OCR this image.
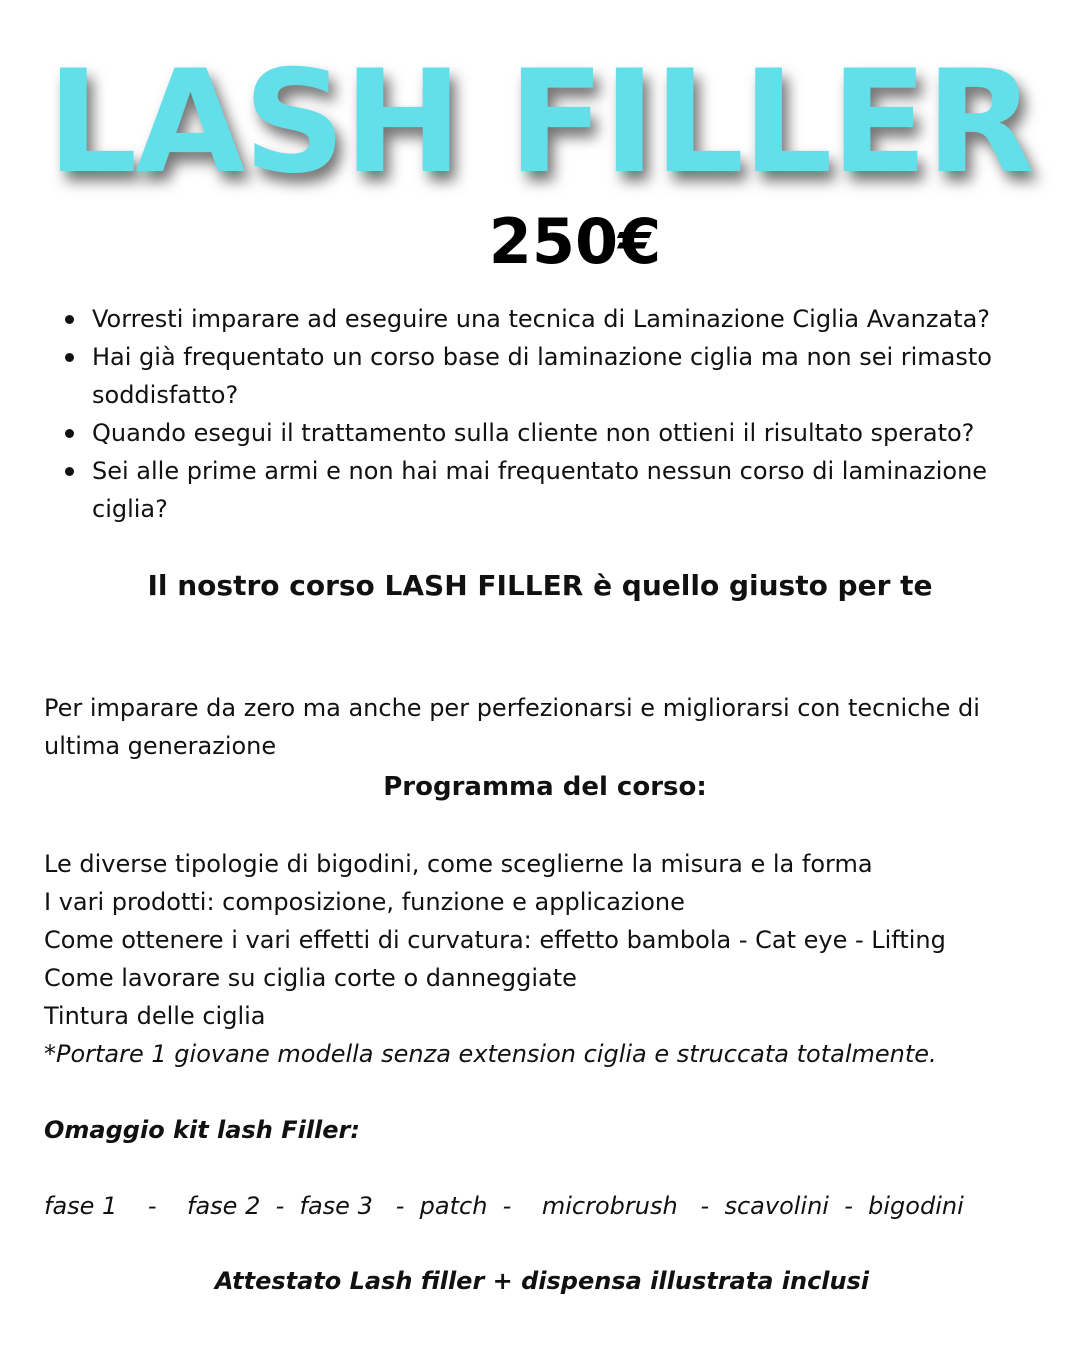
LASH FILLER
250€
Vorresti imparare ad eseguire una tecnica di Laminazione Ciglia Avanzata?
Hai già frequentato un corso base di laminazione ciglia ma non sei rimasto soddisfatto?
Quando esegui il trattamento sulla cliente non ottieni il risultato sperato?
Sei alle prime armi e non hai mai frequentato nessun corso di laminazione ciglia?
Il nostro corso LASH FILLER è quello giusto per te
Per imparare da zero ma anche per perfezionarsi e migliorarsi con tecniche di ultima generazione
Programma del corso:
Le diverse tipologie di bigodini, come sceglierne la misura e la forma
I vari prodotti: composizione, funzione e applicazione
Come ottenere i vari effetti di curvatura: effetto bambola - Cat eye - Lifting
Come lavorare su ciglia corte o danneggiate
Tintura delle ciglia
*Portare 1 giovane modella senza extension ciglia e struccata totalmente.
Omaggio kit lash Filler:
fase 1    -    fase 2  -  fase 3   -  patch  -    microbrush   -  scavolini  -  bigodini
Attestato Lash filler + dispensa illustrata inclusi
